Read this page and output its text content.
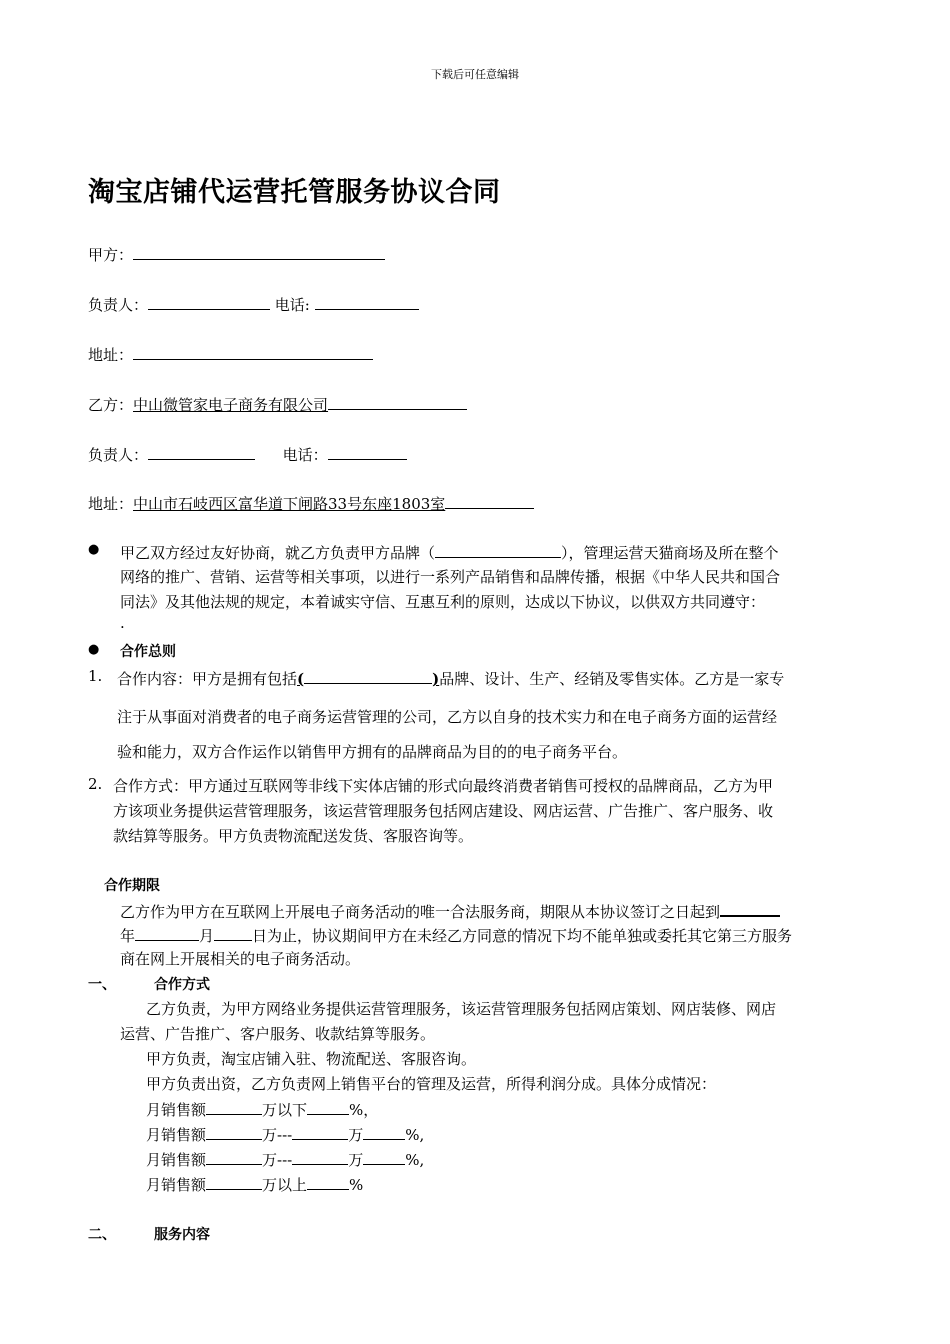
下载后可任意编辑
淘宝店铺代运营托管服务协议合同
甲方：
负责人：	电话:
地址：
乙方：中山微管家电子商务有限公司
负责人：	电话：
地址：中山市石岐西区富华道下闸路33号东座1803室
● 甲乙双方经过友好协商，就乙方负责甲方品牌（	），管理运营天猫商场及所在整个
网络的推广、营销、运营等相关事项，以进行一系列产品销售和品牌传播，根据《中华人民共和国合
同法》及其他法规的规定，本着诚实守信、互惠互利的原则，达成以下协议，以供双方共同遵守：
.
● 合作总则
1. 合作内容：甲方是拥有包括(	)品牌、设计、生产、经销及零售实体。乙方是一家专
注于从事面对消费者的电子商务运营管理的公司，乙方以自身的技术实力和在电子商务方面的运营经
验和能力，双方合作运作以销售甲方拥有的品牌商品为目的的电子商务平台。
2. 合作方式：甲方通过互联网等非线下实体店铺的形式向最终消费者销售可授权的品牌商品，乙方为甲
方该项业务提供运营管理服务，该运营管理服务包括网店建设、网店运营、广告推广、客户服务、收
款结算等服务。甲方负责物流配送发货、客服咨询等。
合作期限
乙方作为甲方在互联网上开展电子商务活动的唯一合法服务商，期限从本协议签订之日起到
年	月	日为止，协议期间甲方在未经乙方同意的情况下均不能单独或委托其它第三方服务
商在网上开展相关的电子商务活动。
一、	合作方式
乙方负责，为甲方网络业务提供运营管理服务，该运营管理服务包括网店策划、网店装修、网店
运营、广告推广、客户服务、收款结算等服务。
甲方负责，淘宝店铺入驻、物流配送、客服咨询。
甲方负责出资，乙方负责网上销售平台的管理及运营，所得利润分成。具体分成情况：
月销售额	万以下	%，
月销售额	万---	万	%,
月销售额	万---	万	%,
月销售额	万以上	%
二、	服务内容
